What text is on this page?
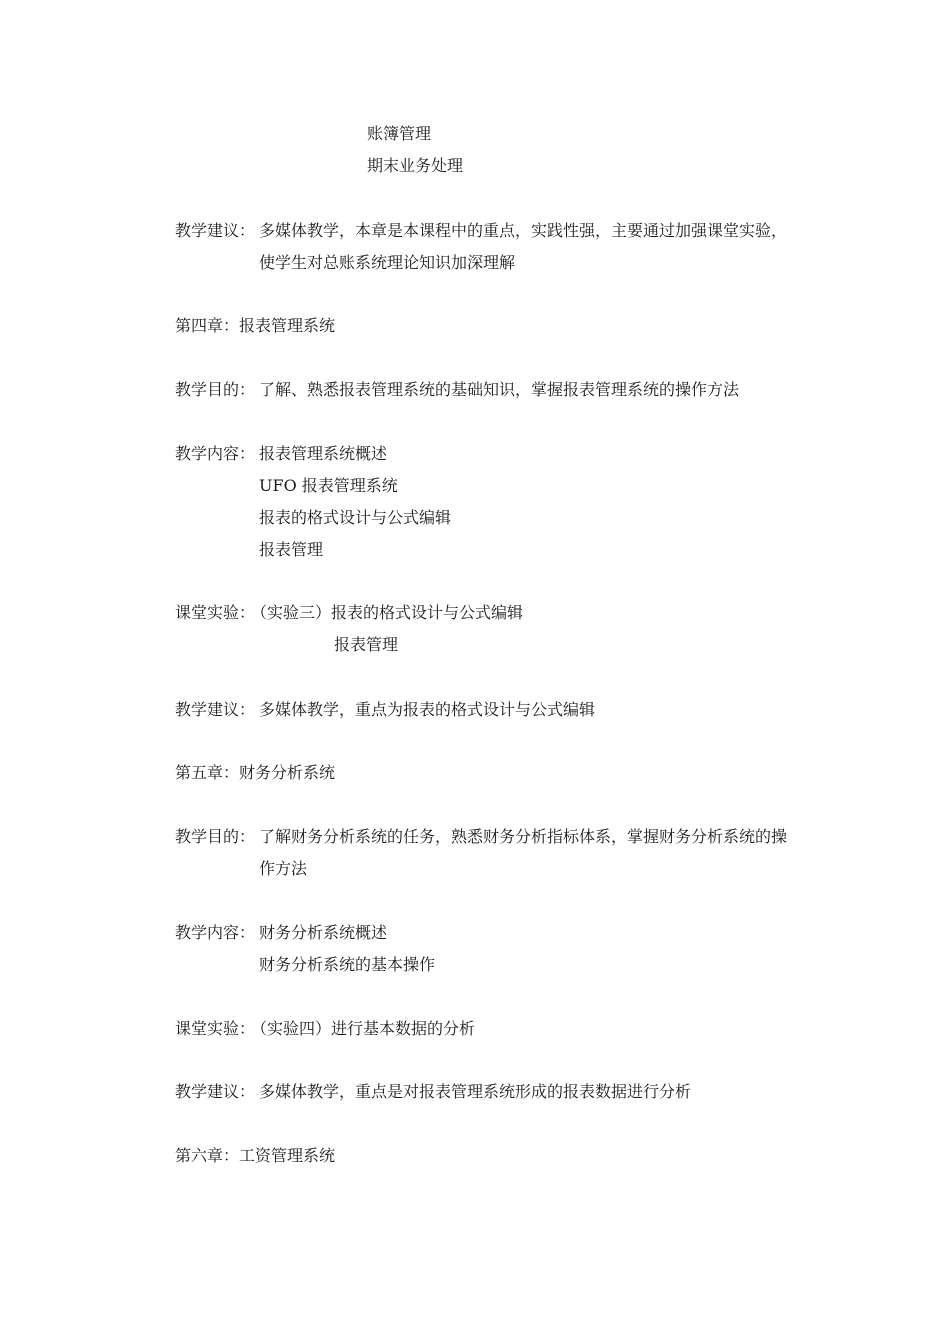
账簿管理
期末业务处理
教学建议： 多媒体教学，本章是本课程中的重点，实践性强，主要通过加强课堂实验，
使学生对总账系统理论知识加深理解
第四章：报表管理系统
教学目的： 了解、熟悉报表管理系统的基础知识，掌握报表管理系统的操作方法
教学内容： 报表管理系统概述
UFO 报表管理系统
报表的格式设计与公式编辑
报表管理
课堂实验：
（实验三）报表的格式设计与公式编辑
报表管理
教学建议： 多媒体教学，重点为报表的格式设计与公式编辑
第五章：财务分析系统
教学目的： 了解财务分析系统的任务，熟悉财务分析指标体系，掌握财务分析系统的操
作方法
教学内容： 财务分析系统概述
财务分析系统的基本操作
课堂实验：
（实验四）进行基本数据的分析
教学建议： 多媒体教学，重点是对报表管理系统形成的报表数据进行分析
第六章：工资管理系统
